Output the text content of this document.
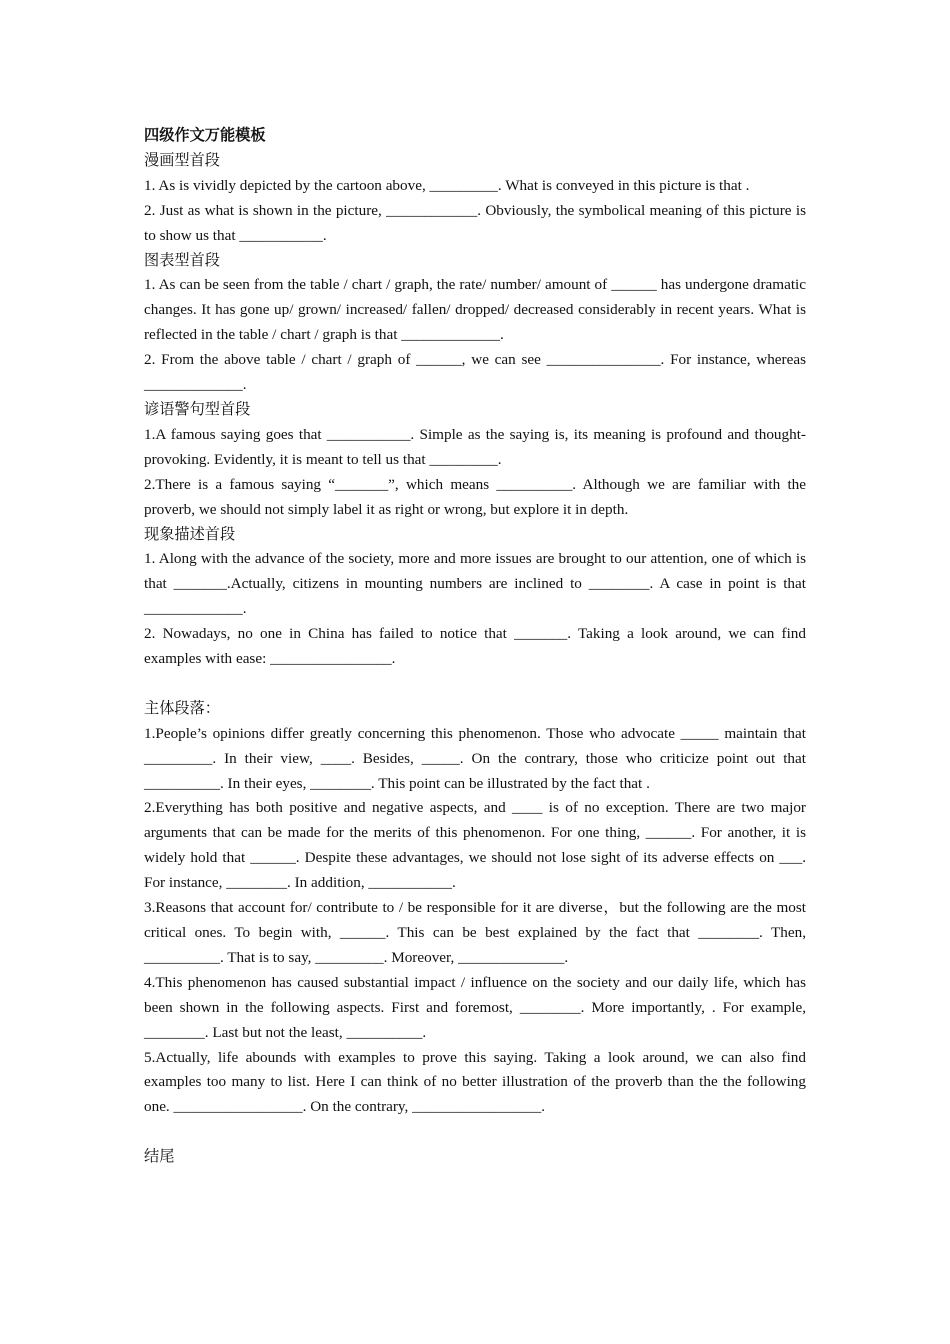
四级作文万能模板
漫画型首段

1. As is vividly depicted by the cartoon above, _________. What is conveyed in this picture is that .

2. Just as what is shown in the picture, ____________. Obviously, the symbolical meaning of this picture is to show us that ___________.

图表型首段

1. As can be seen from the table / chart / graph, the rate/ number/ amount of ______ has undergone dramatic changes. It has gone up/ grown/ increased/ fallen/ dropped/ decreased considerably in recent years. What is reflected in the table / chart / graph is that _____________.

2. From the above table / chart / graph of ______, we can see _______________. For instance, whereas _____________.

谚语警句型首段

1.A famous saying goes that ___________. Simple as the saying is, its meaning is profound and thought-provoking. Evidently, it is meant to tell us that _________.

2.There is a famous saying “_______”, which means __________. Although we are familiar with the proverb, we should not simply label it as right or wrong, but explore it in depth.

现象描述首段

1. Along with the advance of the society, more and more issues are brought to our attention, one of which is that _______.Actually, citizens in mounting numbers are inclined to ________. A case in point is that _____________.

2. Nowadays, no one in China has failed to notice that _______. Taking a look around, we can find examples with ease: ________________.

主体段落：

1.People’s opinions differ greatly concerning this phenomenon. Those who advocate _____ maintain that _________. In their view, ____. Besides, _____. On the contrary, those who criticize point out that __________. In their eyes, ________. This point can be illustrated by the fact that .

2.Everything has both positive and negative aspects, and ____ is of no exception. There are two major arguments that can be made for the merits of this phenomenon. For one thing, ______. For another, it is widely hold that ______. Despite these advantages, we should not lose sight of its adverse effects on ___. For instance, ________. In addition, ___________.

3.Reasons that account for/ contribute to / be responsible for it are diverse，but the following are the most critical ones. To begin with, ______. This can be best explained by the fact that ________. Then, __________. That is to say, _________. Moreover, ______________.

4.This phenomenon has caused substantial impact / influence on the society and our daily life, which has been shown in the following aspects. First and foremost, ________. More importantly, . For example, ________. Last but not the least, __________.

5.Actually, life abounds with examples to prove this saying. Taking a look around, we can also find examples too many to list. Here I can think of no better illustration of the proverb than the the following one. _________________. On the contrary, _________________.

结尾
